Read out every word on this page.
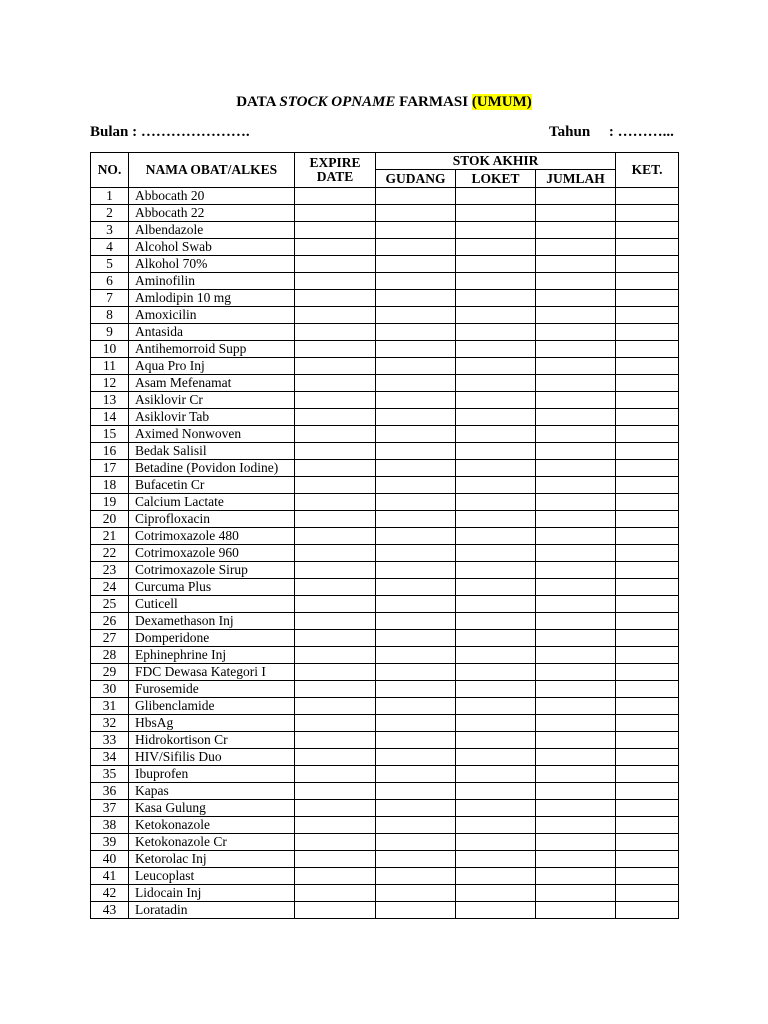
DATA STOCK OPNAME FARMASI (UMUM)
Bulan : ………………….	Tahun     : ………...
NO.	NAMA OBAT/ALKES	EXPIRE DATE	STOK AKHIR			KET.
			GUDANG	LOKET	JUMLAH	
1	Abbocath 20					
2	Abbocath 22					
3	Albendazole					
4	Alcohol Swab					
5	Alkohol 70%					
6	Aminofilin					
7	Amlodipin 10 mg					
8	Amoxicilin					
9	Antasida					
10	Antihemorroid Supp					
11	Aqua Pro Inj					
12	Asam Mefenamat					
13	Asiklovir Cr					
14	Asiklovir Tab					
15	Aximed Nonwoven					
16	Bedak Salisil					
17	Betadine (Povidon Iodine)					
18	Bufacetin Cr					
19	Calcium Lactate					
20	Ciprofloxacin					
21	Cotrimoxazole 480					
22	Cotrimoxazole 960					
23	Cotrimoxazole Sirup					
24	Curcuma Plus					
25	Cuticell					
26	Dexamethason Inj					
27	Domperidone					
28	Ephinephrine Inj					
29	FDC Dewasa Kategori I					
30	Furosemide					
31	Glibenclamide					
32	HbsAg					
33	Hidrokortison Cr					
34	HIV/Sifilis Duo					
35	Ibuprofen					
36	Kapas					
37	Kasa Gulung					
38	Ketokonazole					
39	Ketokonazole Cr					
40	Ketorolac Inj					
41	Leucoplast					
42	Lidocain Inj					
43	Loratadin					
